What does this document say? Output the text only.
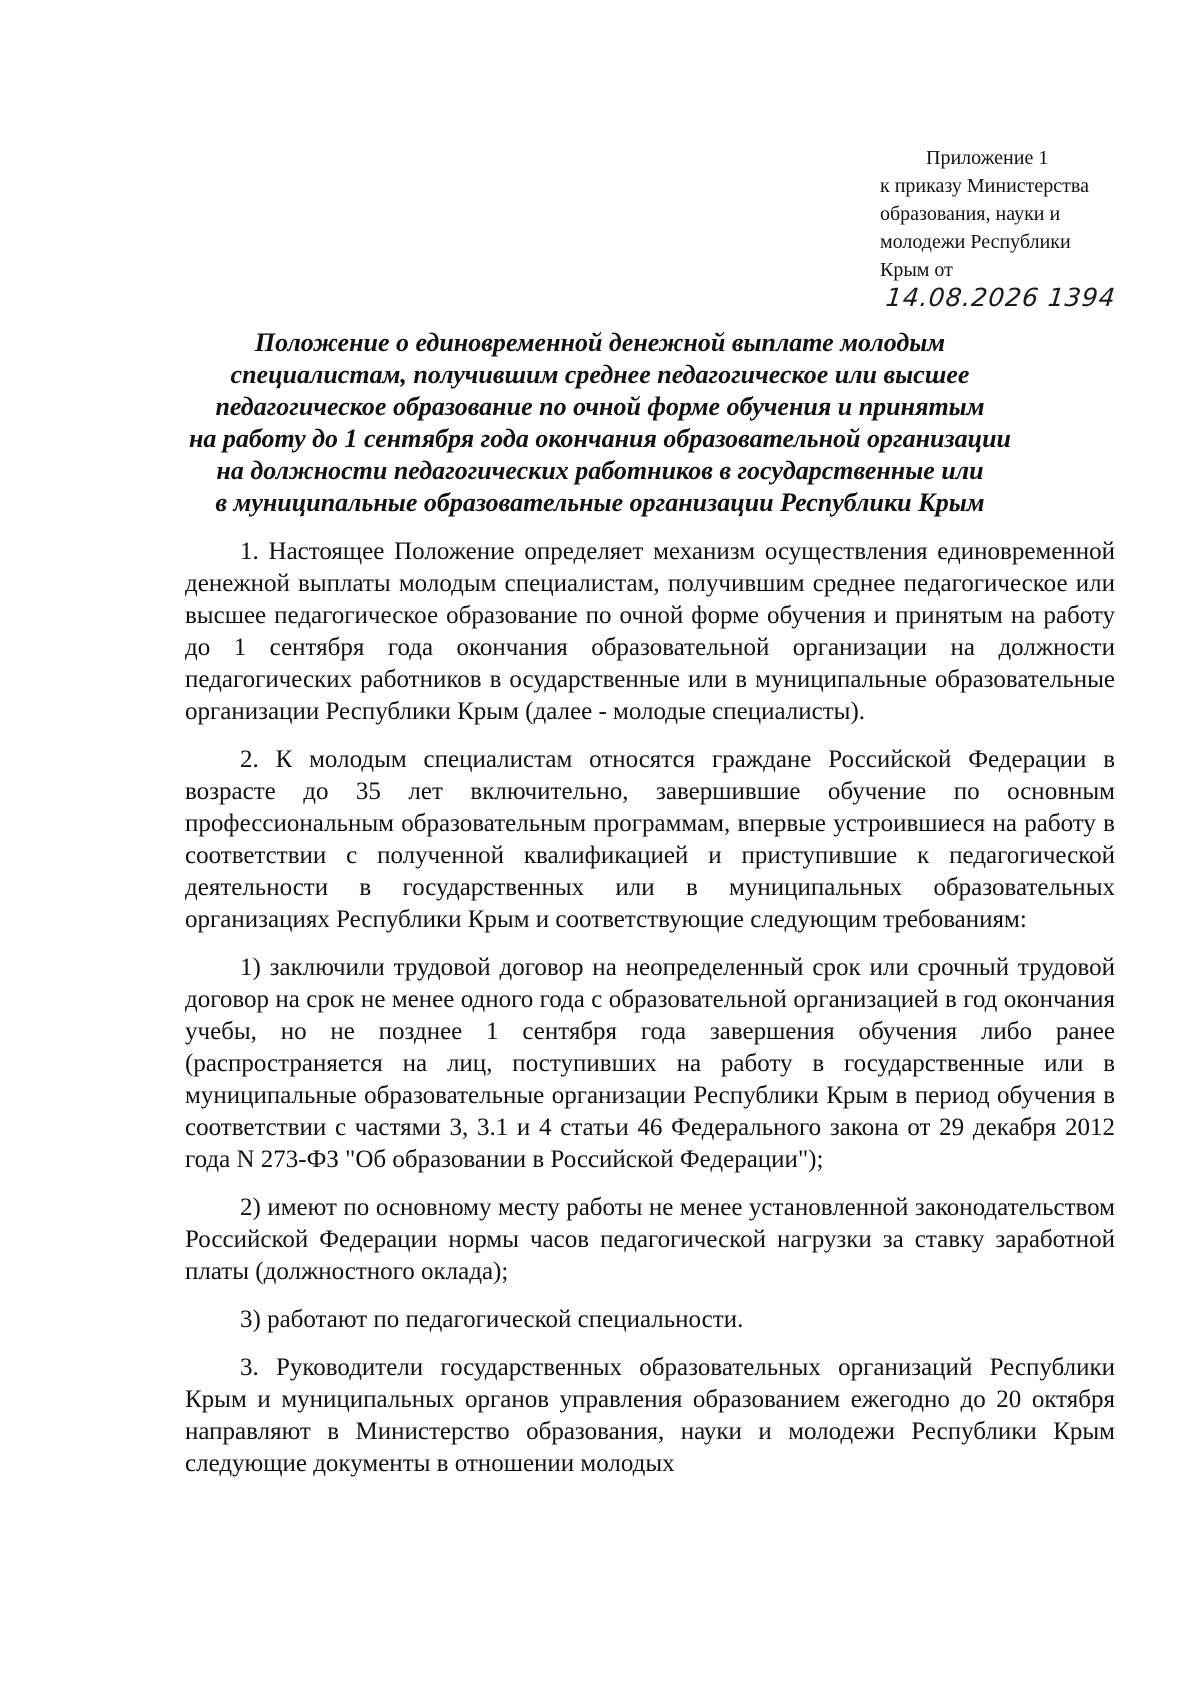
Приложение 1
к приказу Министерства
образования, науки и
молодежи Республики
Крым от 14.08.2026 1394
Положение о единовременной денежной выплате молодым
специалистам, получившим среднее педагогическое или высшее
педагогическое образование по очной форме обучения и принятым
на работу до 1 сентября года окончания образовательной организации
на должности педагогических работников в государственные или
в муниципальные образовательные организации Республики Крым

1. Настоящее Положение определяет механизм осуществления единовременной денежной выплаты молодым специалистам, получившим среднее педагогическое или высшее педагогическое образование по очной форме обучения и принятым на работу до 1 сентября года окончания образовательной организации на должности педагогических работников в осударственные или в муниципальные образовательные организации Республики Крым (далее - молодые специалисты).

2. К молодым специалистам относятся граждане Российской Федерации в возрасте до 35 лет включительно, завершившие обучение по основным профессиональным образовательным программам, впервые устроившиеся на работу в соответствии с полученной квалификацией и приступившие к педагогической деятельности в государственных или в муниципальных образовательных организациях Республики Крым и соответствующие следующим требованиям:

1) заключили трудовой договор на неопределенный срок или срочный трудовой договор на срок не менее одного года с образовательной организацией в год окончания учебы, но не позднее 1 сентября года завершения обучения либо ранее (распространяется на лиц, поступивших на работу в государственные или в муниципальные образовательные организации Республики Крым в период обучения в соответствии с частями 3, 3.1 и 4 статьи 46 Федерального закона от 29 декабря 2012 года N 273-ФЗ "Об образовании в Российской Федерации");

2) имеют по основному месту работы не менее установленной законодательством Российской Федерации нормы часов педагогической нагрузки за ставку заработной платы (должностного оклада);

3) работают по педагогической специальности.

3. Руководители государственных образовательных организаций Республики Крым и муниципальных органов управления образованием ежегодно до 20 октября направляют в Министерство образования, науки и молодежи Республики Крым следующие документы в отношении молодых
